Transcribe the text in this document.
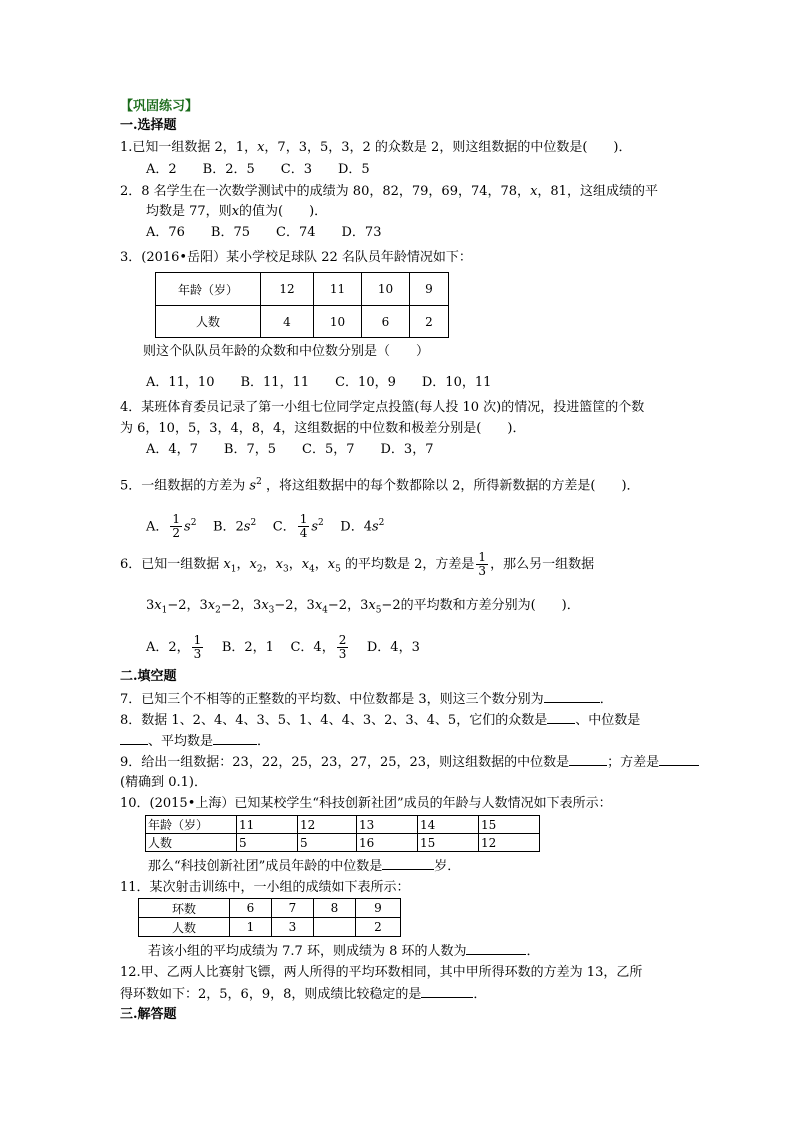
【巩固练习】
一.选择题
1.已知一组数据 2，1，x，7，3，5，3，2 的众数是 2，则这组数据的中位数是(　　)．
A．2　　B．2．5　　C．3　　D．5
2．8 名学生在一次数学测试中的成绩为 80，82，79，69，74，78，x，81，这组成绩的平
均数是 77，则x的值为(　　)．
A．76　　B．75　　C．74　　D．73
3．(2016•岳阳）某小学校足球队 22 名队员年龄情况如下：
年龄（岁）	12	11	10	9
人数	4	10	6	2
则这个队队员年龄的众数和中位数分别是（　　）
A．11，10　　B．11，11　　C．10，9　　D．10，11
4．某班体育委员记录了第一小组七位同学定点投篮(每人投 10 次)的情况，投进篮筐的个数
为 6，10，5，3，4，8，4，这组数据的中位数和极差分别是(　　)．
A．4，7　　B．7，5　　C．5，7　　D．3，7
5．一组数据的方差为 $s^2$ ，将这组数据中的每个数都除以 2，所得新数据的方差是(　　)．
A． $\frac{1}{2} s^2$ B．$2s^2$ C． $\frac{1}{4} s^2$ D．$4s^2$
6．已知一组数据 $x_1$，$x_2$，$x_3$，$x_4$，$x_5$ 的平均数是 2，方差是 $\frac{1}{3}$ ，那么另一组数据
$3x_1-2$，$3x_2-2$，$3x_3-2$，$3x_4-2$，$3x_5-2$的平均数和方差分别为(　　)．
A．2， $\frac{1}{3}$ B．2，1 C．4， $\frac{2}{3}$ D．4，3
二.填空题
7．已知三个不相等的正整数的平均数、中位数都是 3，则这三个数分别为	．
8．数据 1、2、4、4、3、5、1、4、4、3、2、3、4、5，它们的众数是 、中位数是
、平均数是	．
9．给出一组数据：23，22，25，23，27，25，23，则这组数据的中位数是	；方差是
(精确到 0.1)．
10．(2015•上海）已知某校学生“科技创新社团”成员的年龄与人数情况如下表所示：
年龄（岁）	11	12	13	14	15
人数	5	5	16	15	12
那么“科技创新社团”成员年龄的中位数是	岁．
11．某次射击训练中，一小组的成绩如下表所示：
环数	6	7	8	9
人数	1	3		2
若该小组的平均成绩为 7.7 环，则成绩为 8 环的人数为	．
12.甲、乙两人比赛射飞镖，两人所得的平均环数相同，其中甲所得环数的方差为 13，乙所
得环数如下：2，5，6，9，8，则成绩比较稳定的是	．
三.解答题
